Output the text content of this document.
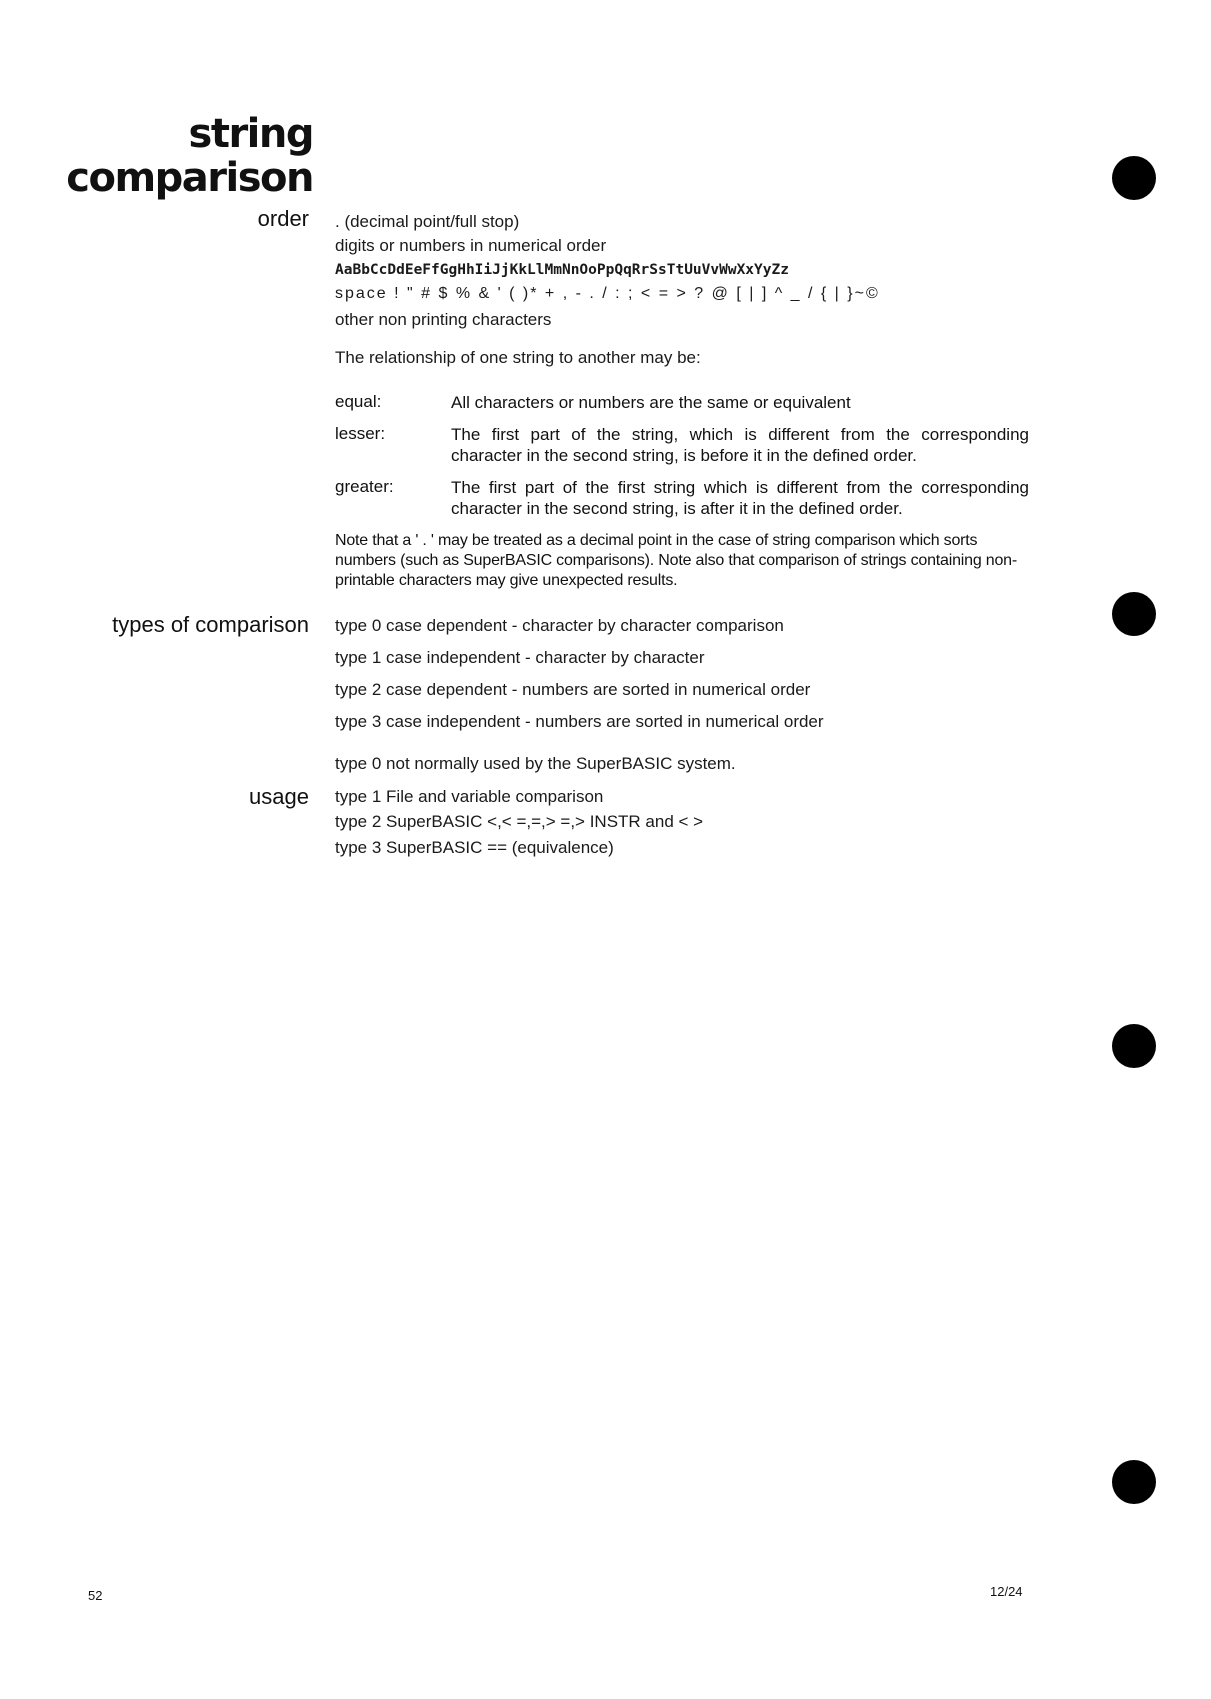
string
comparison
order . (decimal point/full stop)
digits or numbers in numerical order
AaBbCcDdEeFfGgHhIiJjKkLlMmNnOoPpQqRrSsTtUuVvWwXxYyZz
space ! " # $ % & ' ( )* + , - . / : ; < = > ? @ [ | ] ^ _ / { | }~©
other non printing characters
The relationship of one string to another may be:
equal:	All characters or numbers are the same or equivalent
lesser:	The first part of the string, which is different from the corresponding character in the second string, is before it in the defined order.
greater:	The first part of the first string which is different from the corresponding character in the second string, is after it in the defined order.
Note that a ' . ' may be treated as a decimal point in the case of string comparison which sorts numbers (such as SuperBASIC comparisons). Note also that comparison of strings containing non-printable characters may give unexpected results.
types of comparison type 0 case dependent - character by character comparison
type 1 case independent - character by character
type 2 case dependent - numbers are sorted in numerical order
type 3 case independent - numbers are sorted in numerical order
usage
type 0 not normally used by the SuperBASIC system.
type 1 File and variable comparison
type 2 SuperBASIC <,< =,=,> =,> INSTR and < >
type 3 SuperBASIC == (equivalence)
52	12/24
